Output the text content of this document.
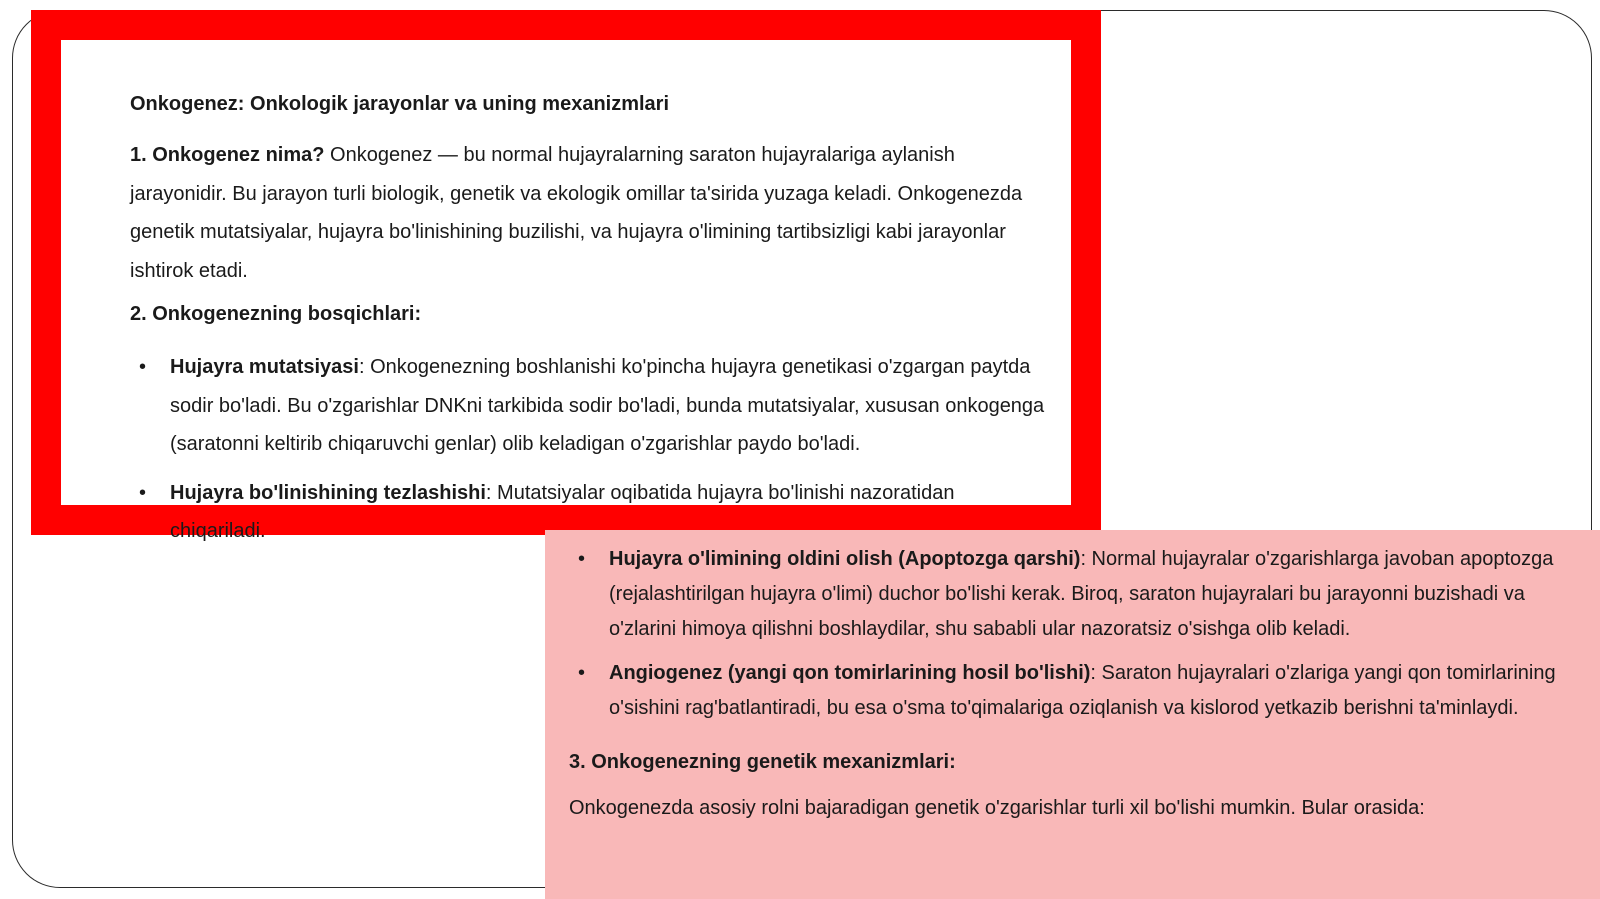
Onkogenez: Onkologik jarayonlar va uning mexanizmlari

1. Onkogenez nima? Onkogenez — bu normal hujayralarning saraton hujayralariga aylanish jarayonidir. Bu jarayon turli biologik, genetik va ekologik omillar ta'sirida yuzaga keladi. Onkogenezda genetik mutatsiyalar, hujayra bo'linishining buzilishi, va hujayra o'limining tartibsizligi kabi jarayonlar ishtirok etadi.

2. Onkogenezning bosqichlari:
• Hujayra mutatsiyasi: Onkogenezning boshlanishi ko'pincha hujayra genetikasi o'zgargan paytda sodir bo'ladi. Bu o'zgarishlar DNKni tarkibida sodir bo'ladi, bunda mutatsiyalar, xususan onkogenga (saratonni keltirib chiqaruvchi genlar) olib keladigan o'zgarishlar paydo bo'ladi.
• Hujayra bo'linishining tezlashishi: Mutatsiyalar oqibatida hujayra bo'linishi nazoratidan chiqariladi.
• Hujayra o'limining oldini olish (Apoptozga qarshi): Normal hujayralar o'zgarishlarga javoban apoptozga (rejalashtirilgan hujayra o'limi) duchor bo'lishi kerak. Biroq, saraton hujayralari bu jarayonni buzishadi va o'zlarini himoya qilishni boshlaydilar, shu sababli ular nazoratsiz o'sishga olib keladi.
• Angiogenez (yangi qon tomirlarining hosil bo'lishi): Saraton hujayralari o'zlariga yangi qon tomirlarining o'sishini rag'batlantiradi, bu esa o'sma to'qimalariga oziqlanish va kislorod yetkazib berishni ta'minlaydi.
3. Onkogenezning genetik mexanizmlari:

Onkogenezda asosiy rolni bajaradigan genetik o'zgarishlar turli xil bo'lishi mumkin. Bular orasida:
